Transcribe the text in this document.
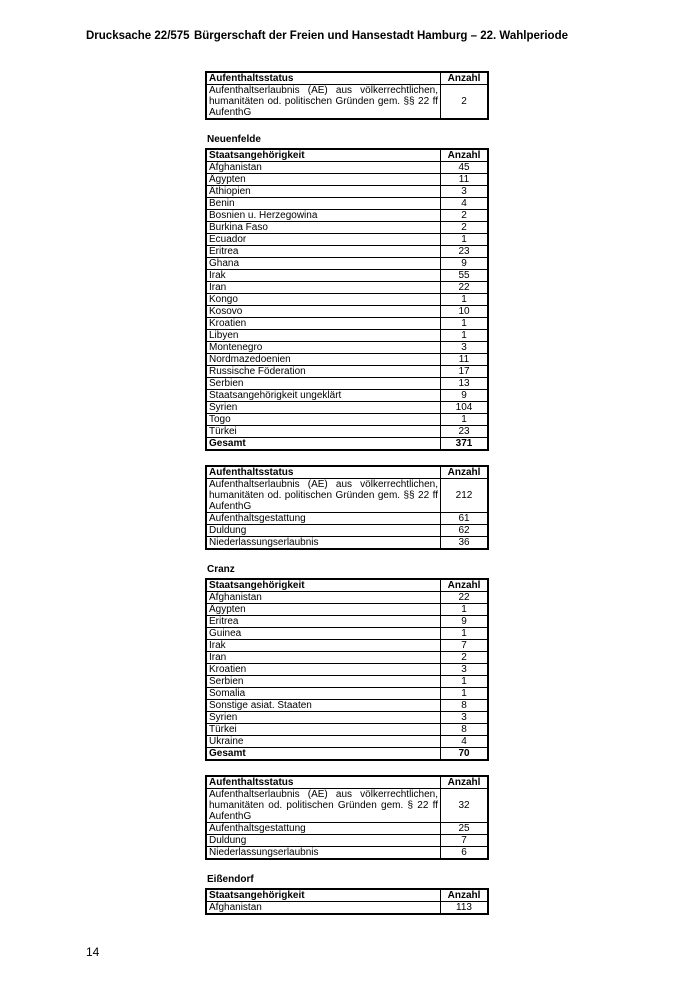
Drucksache 22/575 Bürgerschaft der Freien und Hansestadt Hamburg – 22. Wahlperiode
Aufenthaltsstatus	Anzahl
Aufenthaltserlaubnis (AE) aus völkerrechtlichen, humanitäten od. politischen Gründen gem. §§ 22 ff AufenthG	2
Neuenfelde
Staatsangehörigkeit	Anzahl
Afghanistan	45
Ägypten	11
Äthiopien	3
Benin	4
Bosnien u. Herzegowina	2
Burkina Faso	2
Ecuador	1
Eritrea	23
Ghana	9
Irak	55
Iran	22
Kongo	1
Kosovo	10
Kroatien	1
Libyen	1
Montenegro	3
Nordmazedoenien	11
Russische Föderation	17
Serbien	13
Staatsangehörigkeit ungeklärt	9
Syrien	104
Togo	1
Türkei	23
Gesamt	371
Aufenthaltsstatus	Anzahl
Aufenthaltserlaubnis (AE) aus völkerrechtlichen, humanitäten od. politischen Gründen gem. §§ 22 ff AufenthG	212
Aufenthaltsgestattung	61
Duldung	62
Niederlassungserlaubnis	36
Cranz
Staatsangehörigkeit	Anzahl
Afghanistan	22
Ägypten	1
Eritrea	9
Guinea	1
Irak	7
Iran	2
Kroatien	3
Serbien	1
Somalia	1
Sonstige asiat. Staaten	8
Syrien	3
Türkei	8
Ukraine	4
Gesamt	70
Aufenthaltsstatus	Anzahl
Aufenthaltserlaubnis (AE) aus völkerrechtlichen, humanitäten od. politischen Gründen gem. § 22 ff AufenthG	32
Aufenthaltsgestattung	25
Duldung	7
Niederlassungserlaubnis	6
Eißendorf
Staatsangehörigkeit	Anzahl
Afghanistan	113
14
